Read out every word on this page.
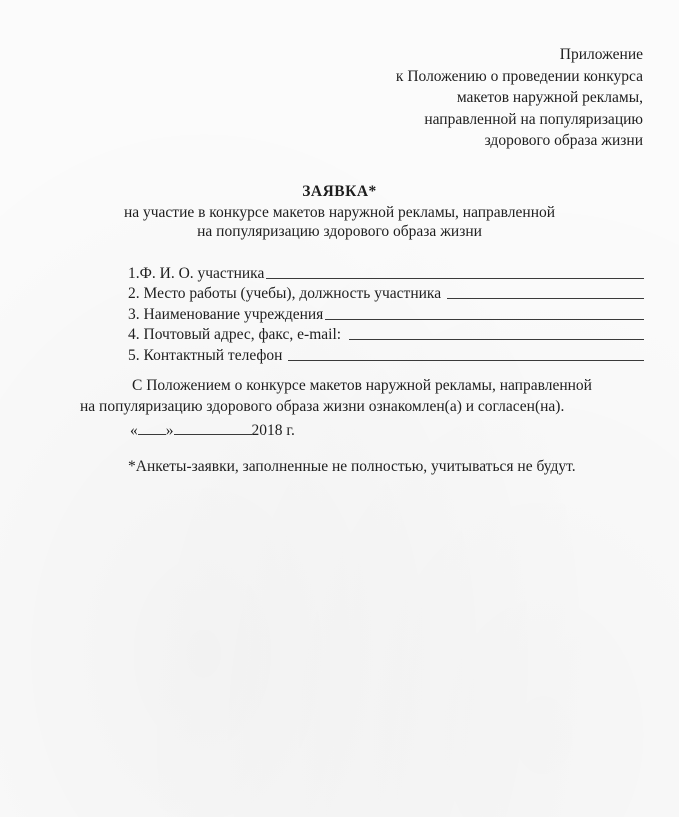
Приложение
к Положению о проведении конкурса
макетов наружной рекламы,
направленной на популяризацию
здорового образа жизни
ЗАЯВКА*
на участие в конкурсе макетов наружной рекламы, направленной
на популяризацию здорового образа жизни
1.Ф. И. О. участника
2. Место работы (учебы), должность участника
3. Наименование учреждения
4. Почтовый адрес, факс, e-mail:
5. Контактный телефон
С Положением о конкурсе макетов наружной рекламы, направленной
на популяризацию здорового образа жизни ознакомлен(а) и согласен(на).
« »	2018 г.
*Анкеты-заявки, заполненные не полностью, учитываться не будут.
